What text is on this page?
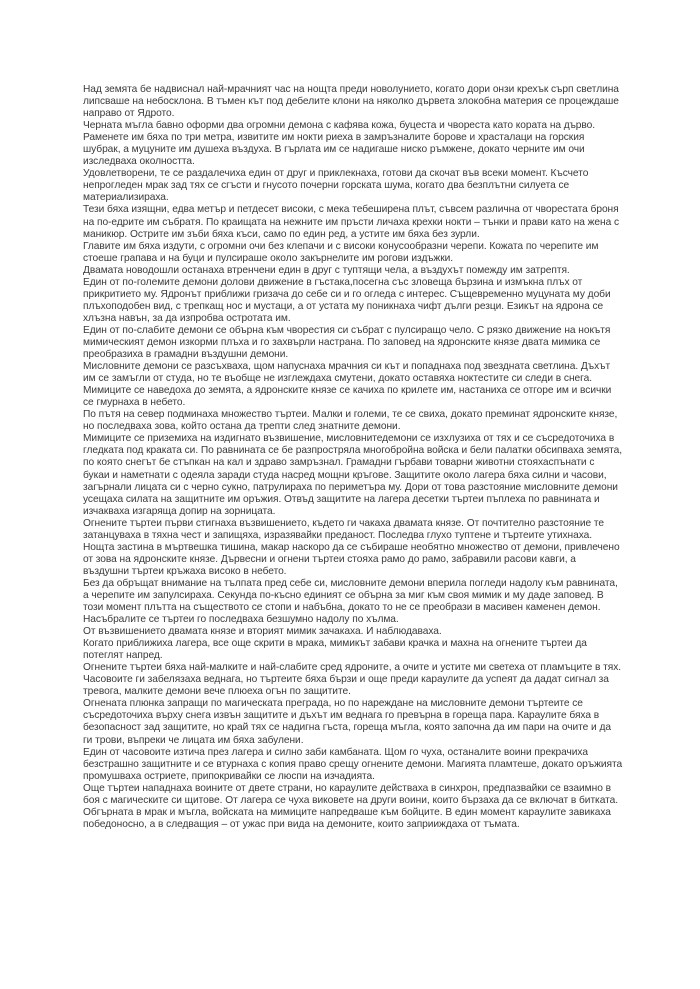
Над земята бе надвиснал най-мрачният час на нощта преди новолунието, когато дори онзи крехък сърп светлина липсваше на небосклона. В тъмен кът под дебелите клони на няколко дървета злокобна материя се процеждаше направо от Ядрото.

Черната мъгла бавно оформи два огромни демона с кафява кожа, буцеста и чвореста като кората на дърво. Раменете им бяха по три метра, извитите им нокти риеха в замръзналите борове и храсталаци на горския шубрак, а муцуните им душеха въздуха. В гърлата им се надигаше ниско ръмжене, докато черните им очи изследваха околността.

Удовлетворени, те се раздалечиха един от друг и приклекнаха, готови да скочат във всеки момент. Късчето непрогледен мрак зад тях се сгъсти и гнусото почерни горската шума, когато два безплътни силуета се материализираха.

Тези бяха изящни, едва метър и петдесет високи, с мека тебеширена плът, съвсем различна от чворестата броня на по-едрите им събратя. По краищата на нежните им пръсти личаха крехки нокти – тънки и прави като на жена с маникюр. Острите им зъби бяха къси, само по един ред, а устите им бяха без зурли.

Главите им бяха издути, с огромни очи без клепачи и с високи конусообразни черепи. Кожата по черепите им стоеше грапава и на буци и пулсираше около закърнелите им рогови издъжки.

Двамата новодошли останаха втренчени един в друг с туптящи чела, а въздухът помежду им затрептя.

Един от по-големите демони долови движение в гъстака,посегна със зловеща бързина и измъкна плъх от прикритието му. Ядронът приближи гризача до себе си и го огледа с интерес. Същевременно муцуната му доби плъхоподобен вид, с трепкащ нос и мустаци, а от устата му поникнаха чифт дълги резци. Езикът на ядрона се хлъзна навън, за да изпробва остротата им.

Един от по-слабите демони се обърна към чворестия си събрат с пулсиращо чело. С рязко движение на нокътя мимическият демон изкорми плъха и го захвърли настрана. По заповед на ядронските князе двата мимика се преобразиха в грамадни въздушни демони.

Мисловните демони се разсъхваха, щом напуснаха мрачния си кът и попаднаха под звездната светлина. Дъхът им се замъгли от студа, но те въобще не изглеждаха смутени, докато оставяха ноктестите си следи в снега. Мимиците се наведоха до земята, а ядронските князе се качиха по крилете им, настаниха се отгоре им и всички се гмурнаха в небето.

По пътя на север подминаха множество търтеи. Малки и големи, те се свиха, докато преминат ядронските князе, но последваха зова, който остана да трепти след знатните демони.

Мимиците се приземиха на издигнато възвишение, мисловнитедемони се изхлузиха от тях и се съсредоточиха в гледката под краката си. По равнината се бе разпростряла многобройна войска и бели палатки обсипваха земята, по която снегът бе стъпкан на кал и здраво замръзнал. Грамадни гърбави товарни животни стояхаспънати с букаи и наметнати с одеяла заради студа насред мощни кръгове. Защитите около лагера бяха силни и часови, загърнали лицата си с черно сукно, патрулираха по периметъра му. Дори от това разстояние мисловните демони усещаха силата на защитните им оръжия. Отвъд защитите на лагера десетки търтеи пъплеха по равнината и изчакваха изгаряща допир на зорницата.

Огнените търтеи първи стигнаха възвишението, където ги чакаха двамата князе. От почтително разстояние те затанцуваха в тяхна чест и запищяха, изразявайки преданост. Последва глухо туптене и търтеите утихнаха. Нощта застина в мъртвешка тишина, макар наскоро да се събираше необятно множество от демони, привлечено от зова на ядронските князе. Дървесни и огнени търтеи стояха рамо до рамо, забравили расови кавги, а въздушни търтеи кръжаха високо в небето.

Без да обръщат внимание на тълпата пред себе си, мисловните демони вперила погледи надолу към равнината, а черепите им запулсираха. Секунда по-късно единият се обърна за миг към своя мимик и му даде заповед. В този момент плътта на съществото се стопи и набъбна, докато то не се преобрази в масивен каменен демон. Насъбралите се търтеи го последваха безшумно надолу по хълма.

От възвишението двамата князе и вторият мимик зачакаха. И наблюдаваха.

Когато приближиха лагера, все още скрити в мрака, мимикът забави крачка и махна на огнените търтеи да потеглят напред.

Огнените търтеи бяха най-малките и най-слабите сред ядроните, а очите и устите ми светеха от пламъците в тях. Часовоите ги забелязаха веднага, но търтеите бяха бързи и още преди караулите да успеят да дадат сигнал за тревога, малките демони вече плюеха огън по защитите.

Огнената плюнка запращи по магическата преграда, но по нареждане на мисловните демони търтеите се съсредоточиха върху снега извън защитите и дъхът им веднага го превърна в гореща пара. Караулите бяха в безопасност зад защитите, но край тях се надигна гъста, гореща мъгла, която започна да им пари на очите и да ги трови, въпреки че лицата им бяха забулени.

Един от часовоите изтича през лагера и силно заби камбаната. Щом го чуха, останалите воини прекрачиха безстрашно защитните и се втурнаха с копия право срещу огнените демони. Магията пламтеше, докато оръжията промушваха остриете, припокривайки се люспи на изчадията.

Още търтеи нападнаха воините от двете страни, но караулите действаха в синхрон, предпазвайки се взаимно в боя с магическите си щитове. От лагера се чуха виковете на други воини, които бързаха да се включат в битката.

Обгърната в мрак и мъгла, войската на мимиците напредваше към бойците. В един момент караулите завикаха победоносно, а в следващия – от ужас при вида на демоните, които заприиждаха от тъмата.
